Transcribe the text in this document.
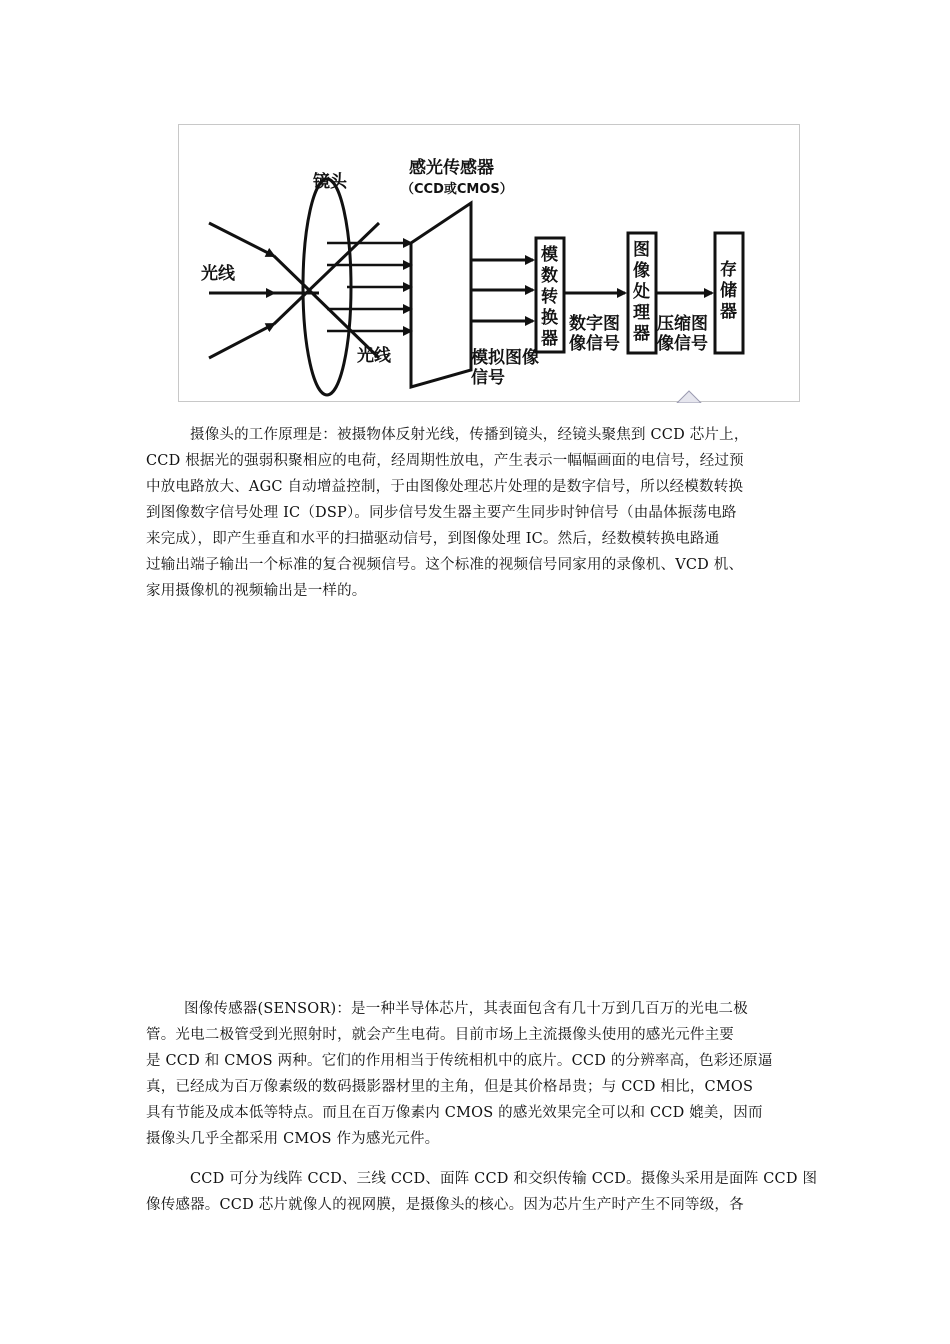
镜头
感光传感器
（CCD或CMOS）
光线
光线	模拟图像 信号
模数转换器
图像处理器
存储器
数字图 像信号
压缩图 像信号
摄像头的工作原理是：被摄物体反射光线，传播到镜头，经镜头聚焦到 CCD 芯片上，
CCD 根据光的强弱积聚相应的电荷，经周期性放电，产生表示一幅幅画面的电信号，经过预
中放电路放大、AGC 自动增益控制，于由图像处理芯片处理的是数字信号，所以经模数转换
到图像数字信号处理 IC（DSP）。同步信号发生器主要产生同步时钟信号（由晶体振荡电路
来完成），即产生垂直和水平的扫描驱动信号，到图像处理 IC。然后，经数模转换电路通
过输出端子输出一个标准的复合视频信号。这个标准的视频信号同家用的录像机、VCD 机、
家用摄像机的视频输出是一样的。
图像传感器(SENSOR)：是一种半导体芯片，其表面包含有几十万到几百万的光电二极
管。光电二极管受到光照射时，就会产生电荷。目前市场上主流摄像头使用的感光元件主要
是 CCD 和 CMOS 两种。它们的作用相当于传统相机中的底片。CCD 的分辨率高，色彩还原逼
真，已经成为百万像素级的数码摄影器材里的主角，但是其价格昂贵；与 CCD 相比，CMOS
具有节能及成本低等特点。而且在百万像素内 CMOS 的感光效果完全可以和 CCD 媲美，因而
摄像头几乎全都采用 CMOS 作为感光元件。
CCD 可分为线阵 CCD、三线 CCD、面阵 CCD 和交织传输 CCD。摄像头采用是面阵 CCD 图
像传感器。CCD 芯片就像人的视网膜，是摄像头的核心。因为芯片生产时产生不同等级，各
